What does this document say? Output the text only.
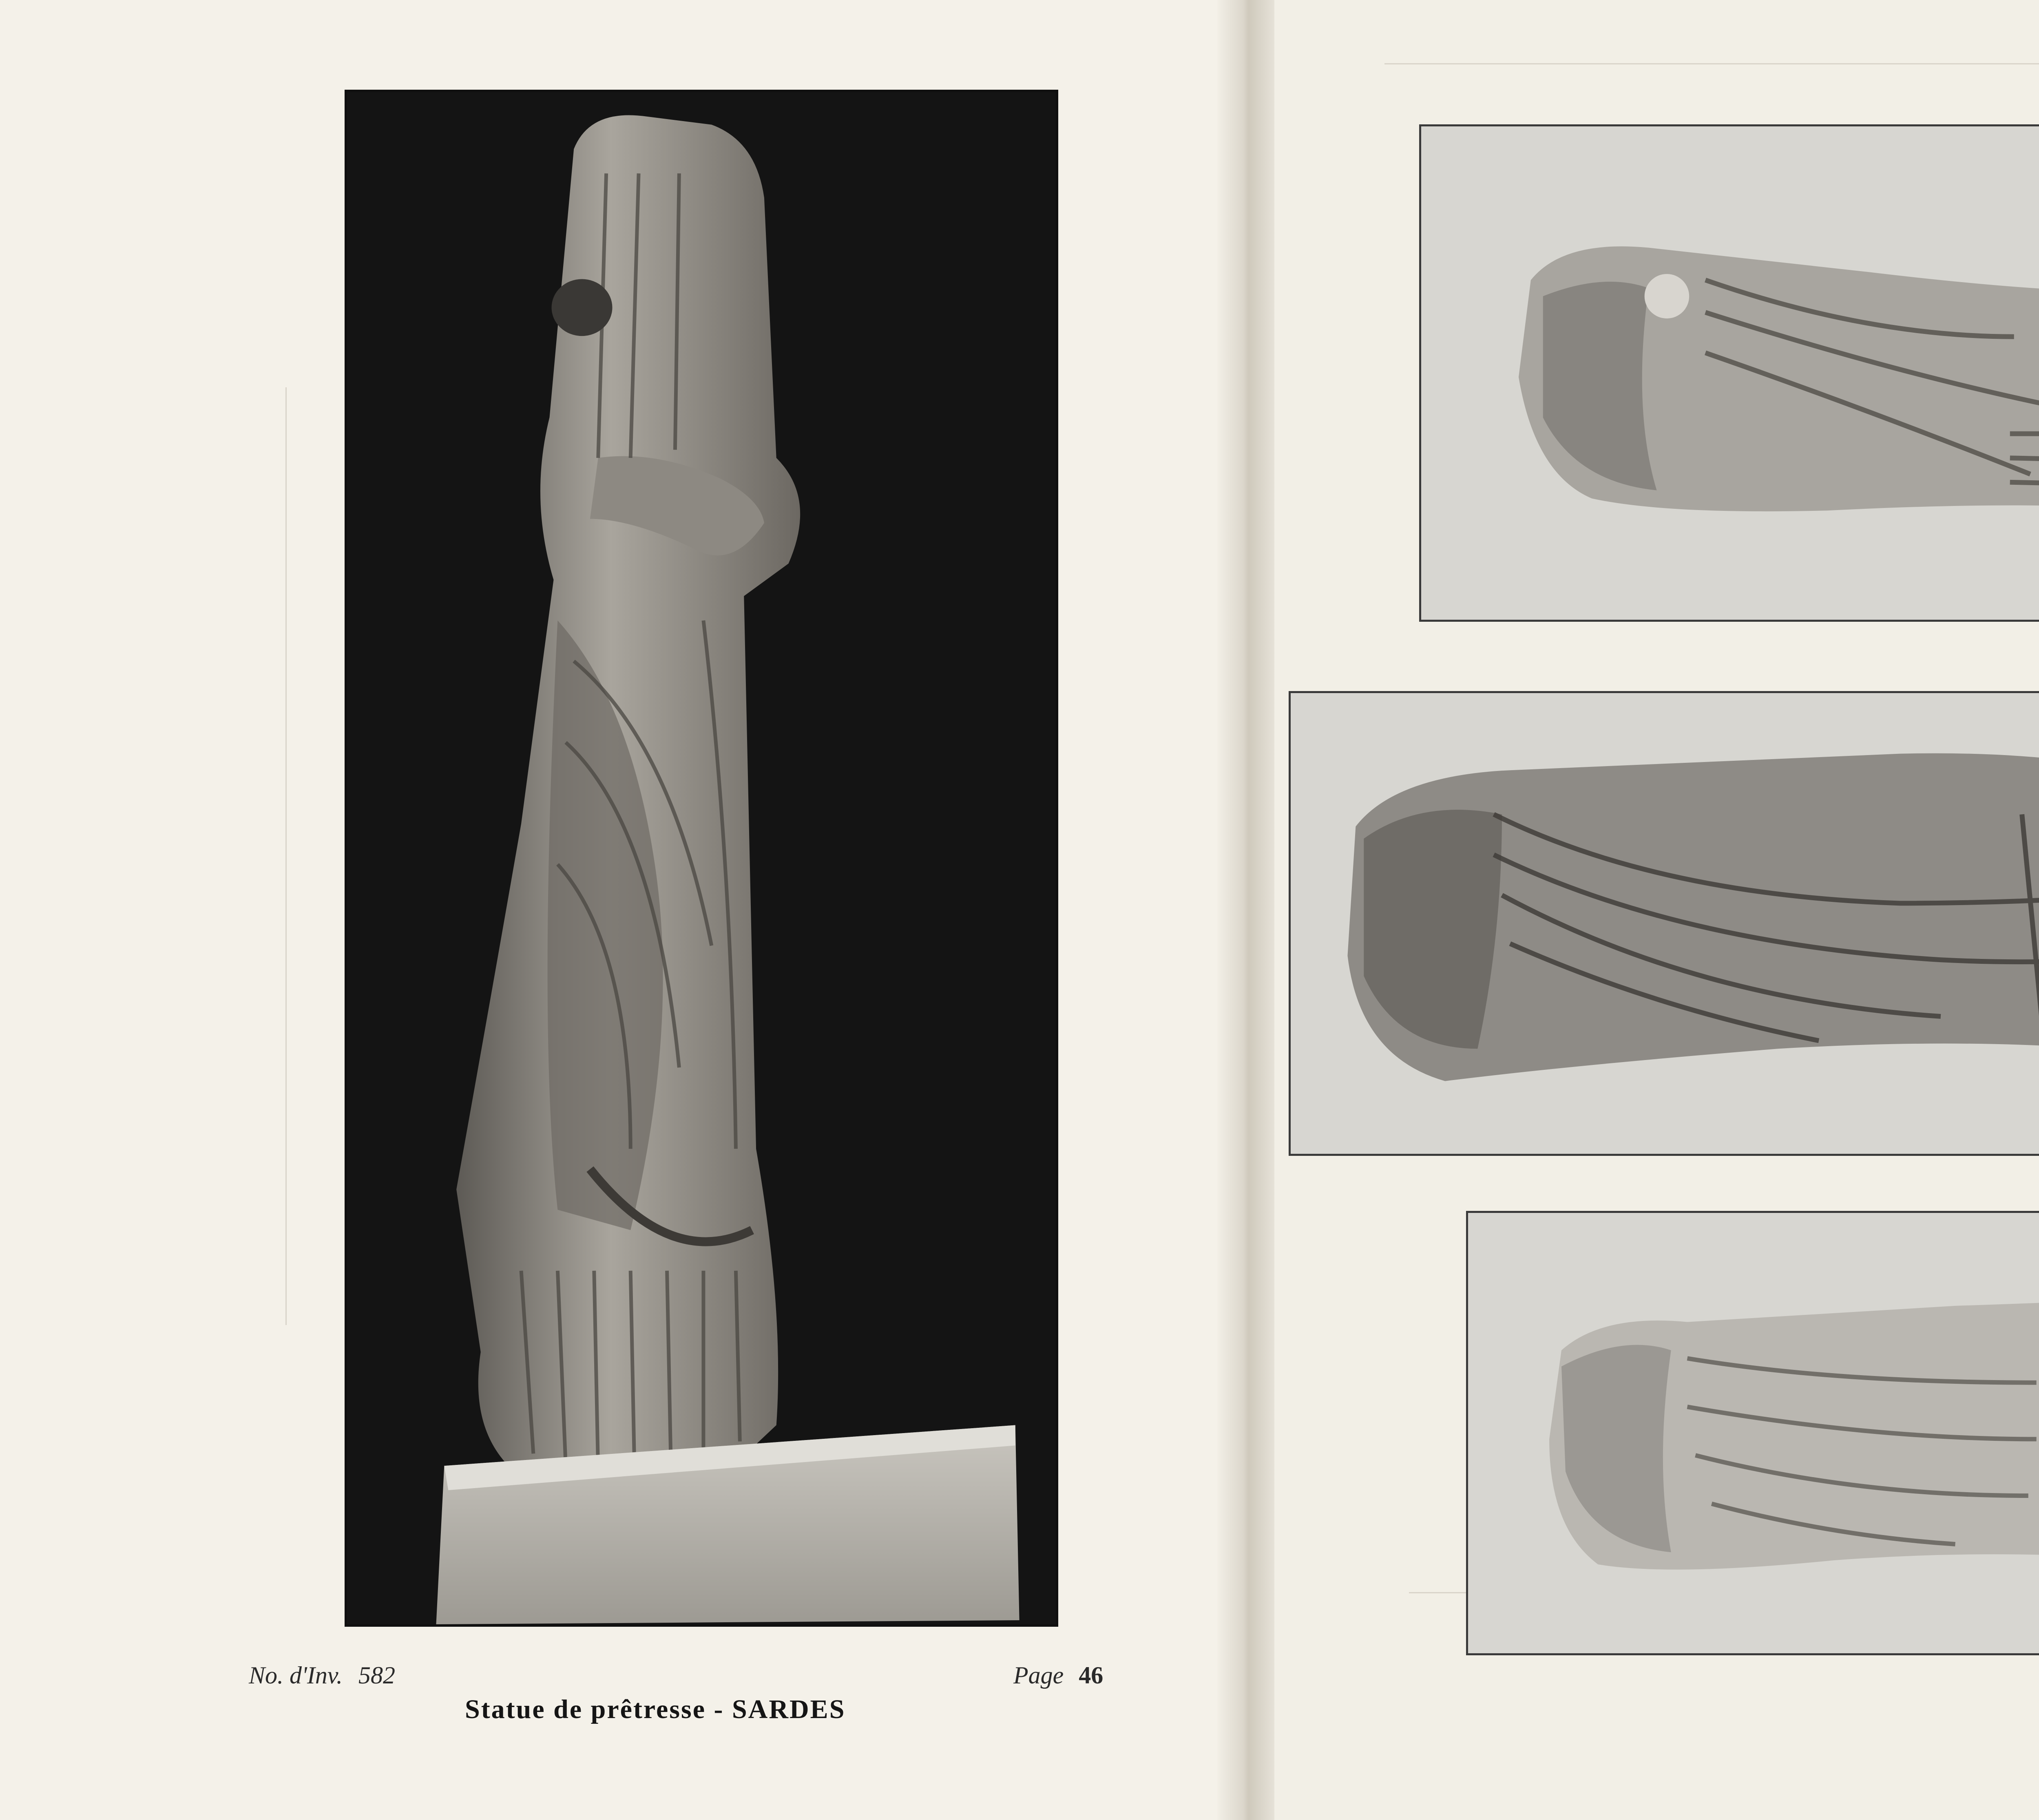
No. d'Inv. 582	Page 46
Statue de prêtresse - SARDES
